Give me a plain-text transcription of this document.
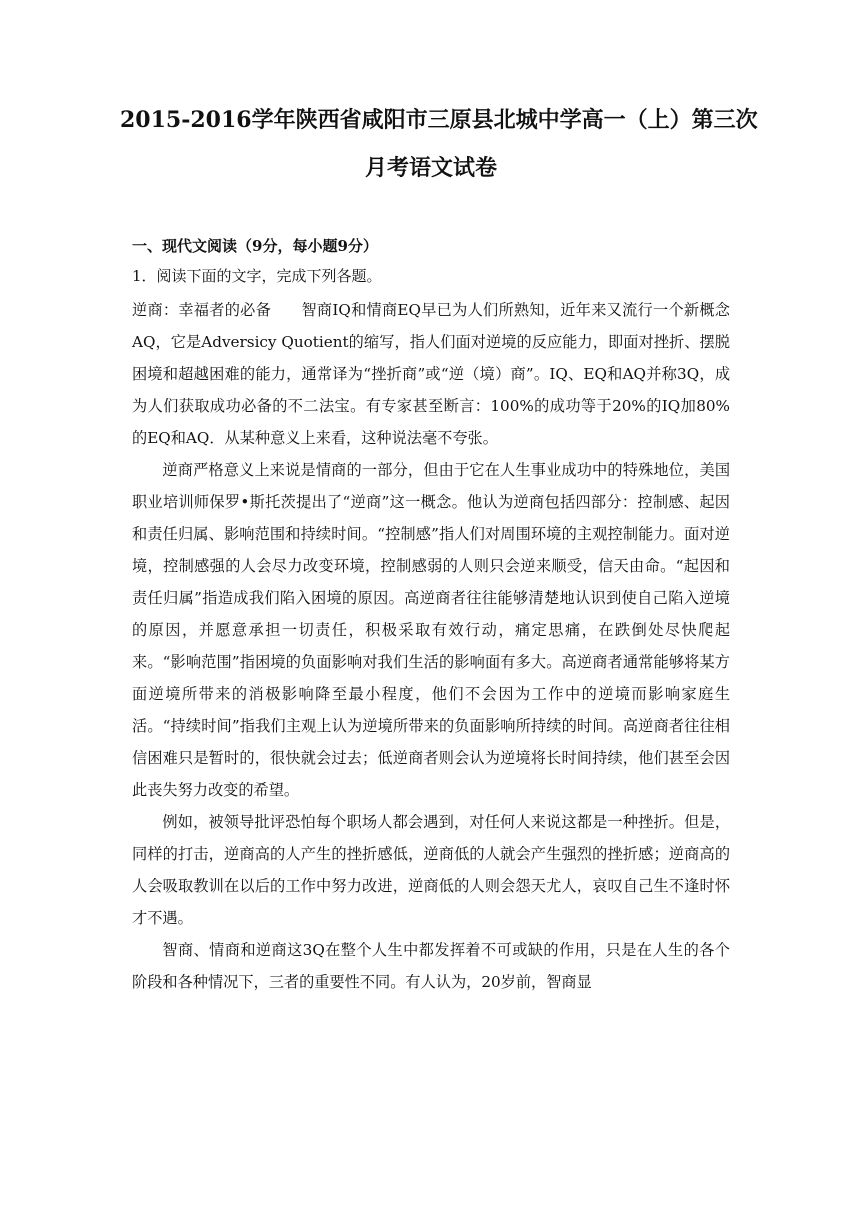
2015-2016学年陕西省咸阳市三原县北城中学高一（上）第三次
月考语文试卷
一、现代文阅读（9分，每小题9分）
1．阅读下面的文字，完成下列各题。

逆商：幸福者的必备 智商IQ和情商EQ早已为人们所熟知，近年来又流行一个新概念AQ，它是Adversicy Quotient的缩写，指人们面对逆境的反应能力，即面对挫折、摆脱困境和超越困难的能力，通常译为“挫折商”或“逆（境）商”。IQ、EQ和AQ并称3Q，成为人们获取成功必备的不二法宝。有专家甚至断言：100%的成功等于20%的IQ加80%的EQ和AQ．从某种意义上来看，这种说法毫不夸张。

逆商严格意义上来说是情商的一部分，但由于它在人生事业成功中的特殊地位，美国职业培训师保罗•斯托茨提出了“逆商”这一概念。他认为逆商包括四部分：控制感、起因和责任归属、影响范围和持续时间。“控制感”指人们对周围环境的主观控制能力。面对逆境，控制感强的人会尽力改变环境，控制感弱的人则只会逆来顺受，信天由命。“起因和责任归属”指造成我们陷入困境的原因。高逆商者往往能够清楚地认识到使自己陷入逆境的原因，并愿意承担一切责任，积极采取有效行动，痛定思痛，在跌倒处尽快爬起来。“影响范围”指困境的负面影响对我们生活的影响面有多大。高逆商者通常能够将某方面逆境所带来的消极影响降至最小程度，他们不会因为工作中的逆境而影响家庭生活。“持续时间”指我们主观上认为逆境所带来的负面影响所持续的时间。高逆商者往往相信困难只是暂时的，很快就会过去；低逆商者则会认为逆境将长时间持续，他们甚至会因此丧失努力改变的希望。

例如，被领导批评恐怕每个职场人都会遇到，对任何人来说这都是一种挫折。但是，同样的打击，逆商高的人产生的挫折感低，逆商低的人就会产生强烈的挫折感；逆商高的人会吸取教训在以后的工作中努力改进，逆商低的人则会怨天尤人，哀叹自己生不逢时怀才不遇。

智商、情商和逆商这3Q在整个人生中都发挥着不可或缺的作用，只是在人生的各个阶段和各种情况下，三者的重要性不同。有人认为，20岁前，智商显
